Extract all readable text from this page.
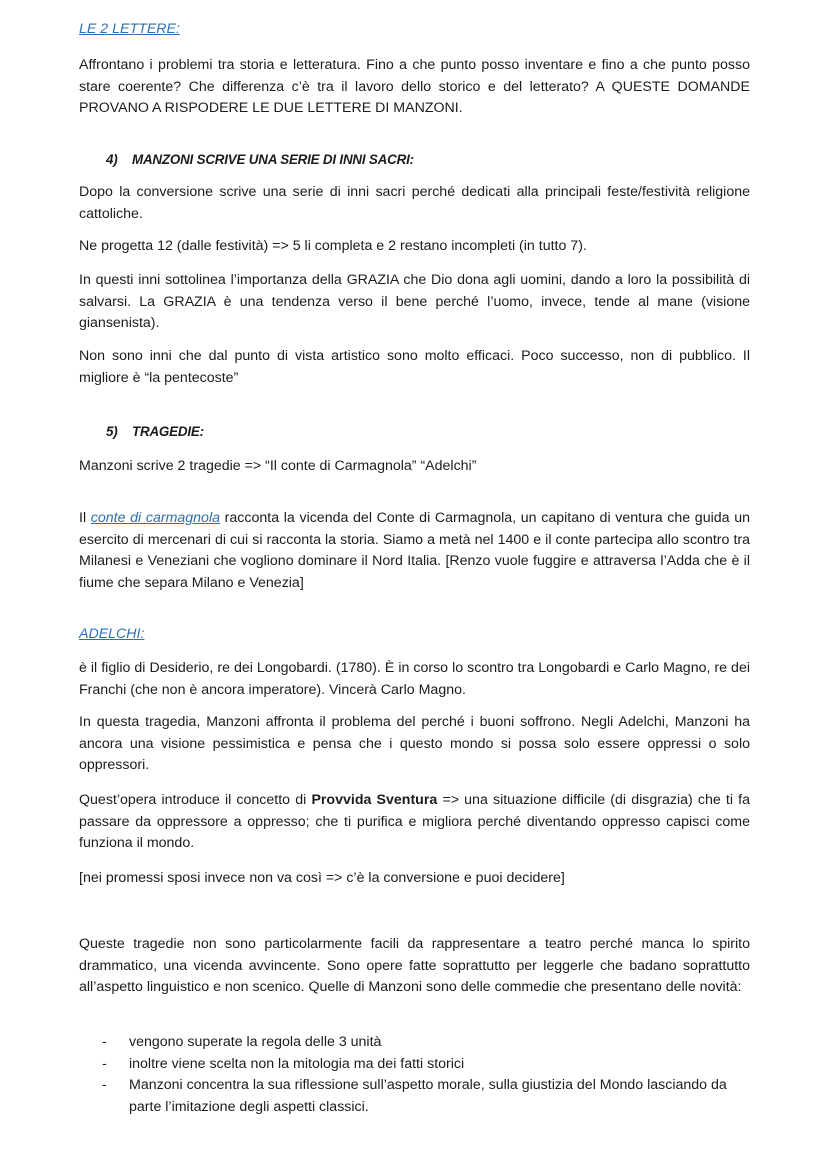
LE 2 LETTERE:

Affrontano i problemi tra storia e letteratura. Fino a che punto posso inventare e fino a che punto posso stare coerente? Che differenza c’è tra il lavoro dello storico e del letterato? A QUESTE DOMANDE PROVANO A RISPODERE LE DUE LETTERE DI MANZONI.

4) MANZONI SCRIVE UNA SERIE DI INNI SACRI:

Dopo la conversione scrive una serie di inni sacri perché dedicati alla principali feste/festività religione cattoliche.

Ne progetta 12 (dalle festività) => 5 li completa e 2 restano incompleti (in tutto 7).

In questi inni sottolinea l’importanza della GRAZIA che Dio dona agli uomini, dando a loro la possibilità di salvarsi. La GRAZIA è una tendenza verso il bene perché l’uomo, invece, tende al mane (visione giansenista).

Non sono inni che dal punto di vista artistico sono molto efficaci. Poco successo, non di pubblico. Il migliore è “la pentecoste”

5) TRAGEDIE:

Manzoni scrive 2 tragedie => “Il conte di Carmagnola” “Adelchi”

Il conte di carmagnola racconta la vicenda del Conte di Carmagnola, un capitano di ventura che guida un esercito di mercenari di cui si racconta la storia. Siamo a metà nel 1400 e il conte partecipa allo scontro tra Milanesi e Veneziani che vogliono dominare il Nord Italia. [Renzo vuole fuggire e attraversa l’Adda che è il fiume che separa Milano e Venezia]

ADELCHI:

è il figlio di Desiderio, re dei Longobardi. (1780). È in corso lo scontro tra Longobardi e Carlo Magno, re dei Franchi (che non è ancora imperatore). Vincerà Carlo Magno.

In questa tragedia, Manzoni affronta il problema del perché i buoni soffrono. Negli Adelchi, Manzoni ha ancora una visione pessimistica e pensa che i questo mondo si possa solo essere oppressi o solo oppressori.

Quest’opera introduce il concetto di Provvida Sventura => una situazione difficile (di disgrazia) che ti fa passare da oppressore a oppresso; che ti purifica e migliora perché diventando oppresso capisci come funziona il mondo.

[nei promessi sposi invece non va così => c’è la conversione e puoi decidere]

Queste tragedie non sono particolarmente facili da rappresentare a teatro perché manca lo spirito drammatico, una vicenda avvincente. Sono opere fatte soprattutto per leggerle che badano soprattutto all’aspetto linguistico e non scenico. Quelle di Manzoni sono delle commedie che presentano delle novità:

- vengono superate la regola delle 3 unità
- inoltre viene scelta non la mitologia ma dei fatti storici
- Manzoni concentra la sua riflessione sull’aspetto morale, sulla giustizia del Mondo lasciando da parte l’imitazione degli aspetti classici.
